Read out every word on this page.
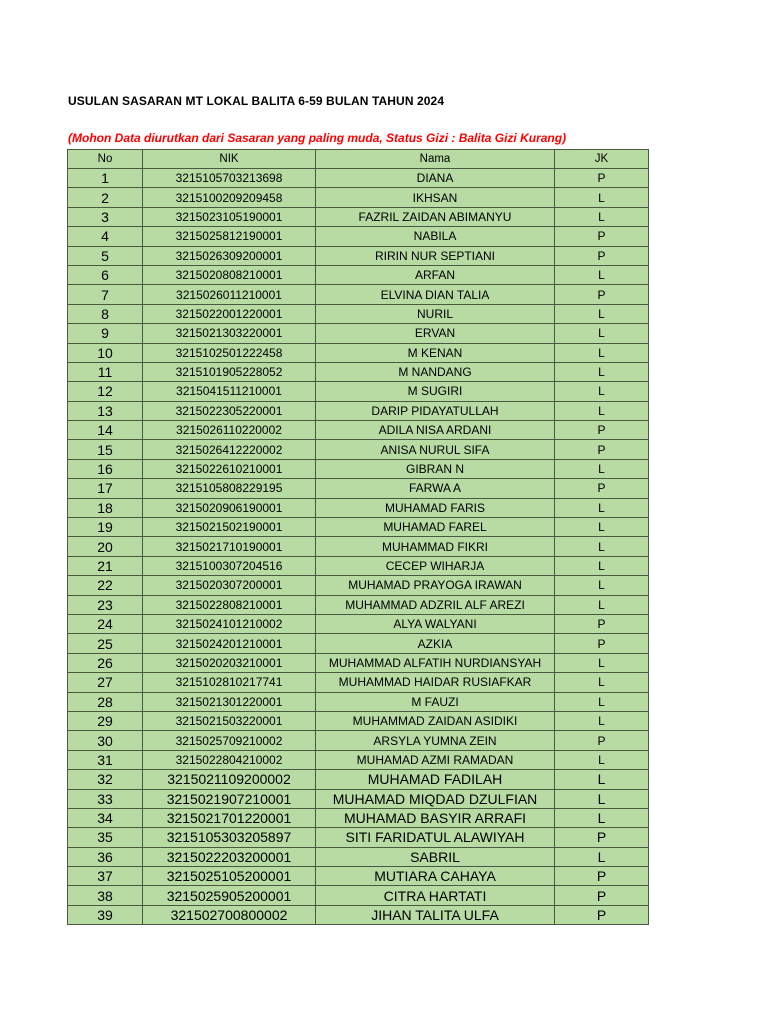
USULAN SASARAN MT LOKAL BALITA 6-59 BULAN TAHUN 2024
(Mohon Data diurutkan dari Sasaran yang paling muda, Status Gizi : Balita Gizi Kurang)
No	NIK	Nama	JK
1	3215105703213698	DIANA	P
2	3215100209209458	IKHSAN	L
3	3215023105190001	FAZRIL ZAIDAN ABIMANYU	L
4	3215025812190001	NABILA	P
5	3215026309200001	RIRIN NUR SEPTIANI	P
6	3215020808210001	ARFAN	L
7	3215026011210001	ELVINA DIAN TALIA	P
8	3215022001220001	NURIL	L
9	3215021303220001	ERVAN	L
10	3215102501222458	M KENAN	L
11	3215101905228052	M NANDANG	L
12	3215041511210001	M SUGIRI	L
13	3215022305220001	DARIP PIDAYATULLAH	L
14	3215026110220002	ADILA NISA ARDANI	P
15	3215026412220002	ANISA NURUL SIFA	P
16	3215022610210001	GIBRAN N	L
17	3215105808229195	FARWA A	P
18	3215020906190001	MUHAMAD FARIS	L
19	3215021502190001	MUHAMAD FAREL	L
20	3215021710190001	MUHAMMAD FIKRI	L
21	3215100307204516	CECEP WIHARJA	L
22	3215020307200001	MUHAMAD PRAYOGA IRAWAN	L
23	3215022808210001	MUHAMMAD ADZRIL ALF AREZI	L
24	3215024101210002	ALYA WALYANI	P
25	3215024201210001	AZKIA	P
26	3215020203210001	MUHAMMAD ALFATIH NURDIANSYAH	L
27	3215102810217741	MUHAMMAD HAIDAR RUSIAFKAR	L
28	3215021301220001	M FAUZI	L
29	3215021503220001	MUHAMMAD ZAIDAN ASIDIKI	L
30	3215025709210002	ARSYLA YUMNA ZEIN	P
31	3215022804210002	MUHAMAD AZMI RAMADAN	L
32	3215021109200002	MUHAMAD FADILAH	L
33	3215021907210001	MUHAMAD MIQDAD DZULFIAN	L
34	3215021701220001	MUHAMAD BASYIR ARRAFI	L
35	3215105303205897	SITI FARIDATUL ALAWIYAH	P
36	3215022203200001	SABRIL	L
37	3215025105200001	MUTIARA CAHAYA	P
38	3215025905200001	CITRA HARTATI	P
39	321502700800002	JIHAN TALITA ULFA	P
